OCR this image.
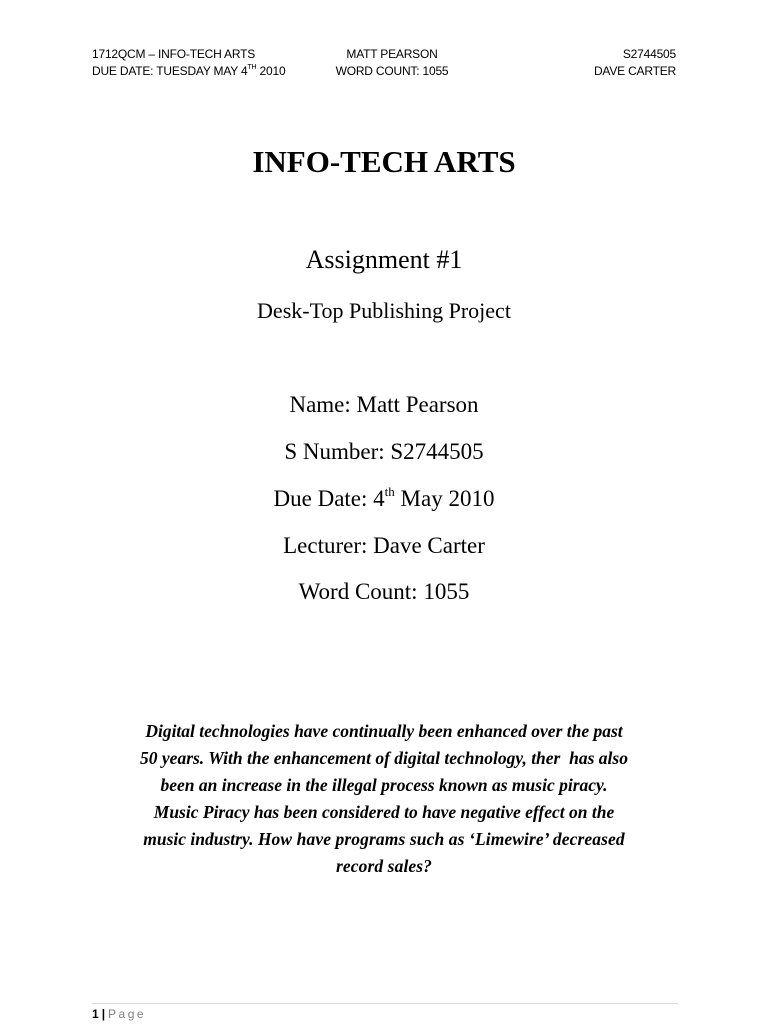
1712QCM – INFO-TECH ARTS	MATT PEARSON	S2744505
DUE DATE: TUESDAY MAY 4TH 2010	WORD COUNT: 1055	DAVE CARTER
INFO-TECH ARTS
Assignment #1
Desk-Top Publishing Project
Name: Matt Pearson
S Number: S2744505
Due Date: 4th May 2010
Lecturer: Dave Carter
Word Count: 1055
Digital technologies have continually been enhanced over the past
50 years. With the enhancement of digital technology, ther  has also
been an increase in the illegal process known as music piracy.
Music Piracy has been considered to have negative effect on the
music industry. How have programs such as ‘Limewire’ decreased
record sales?
1 | Page
